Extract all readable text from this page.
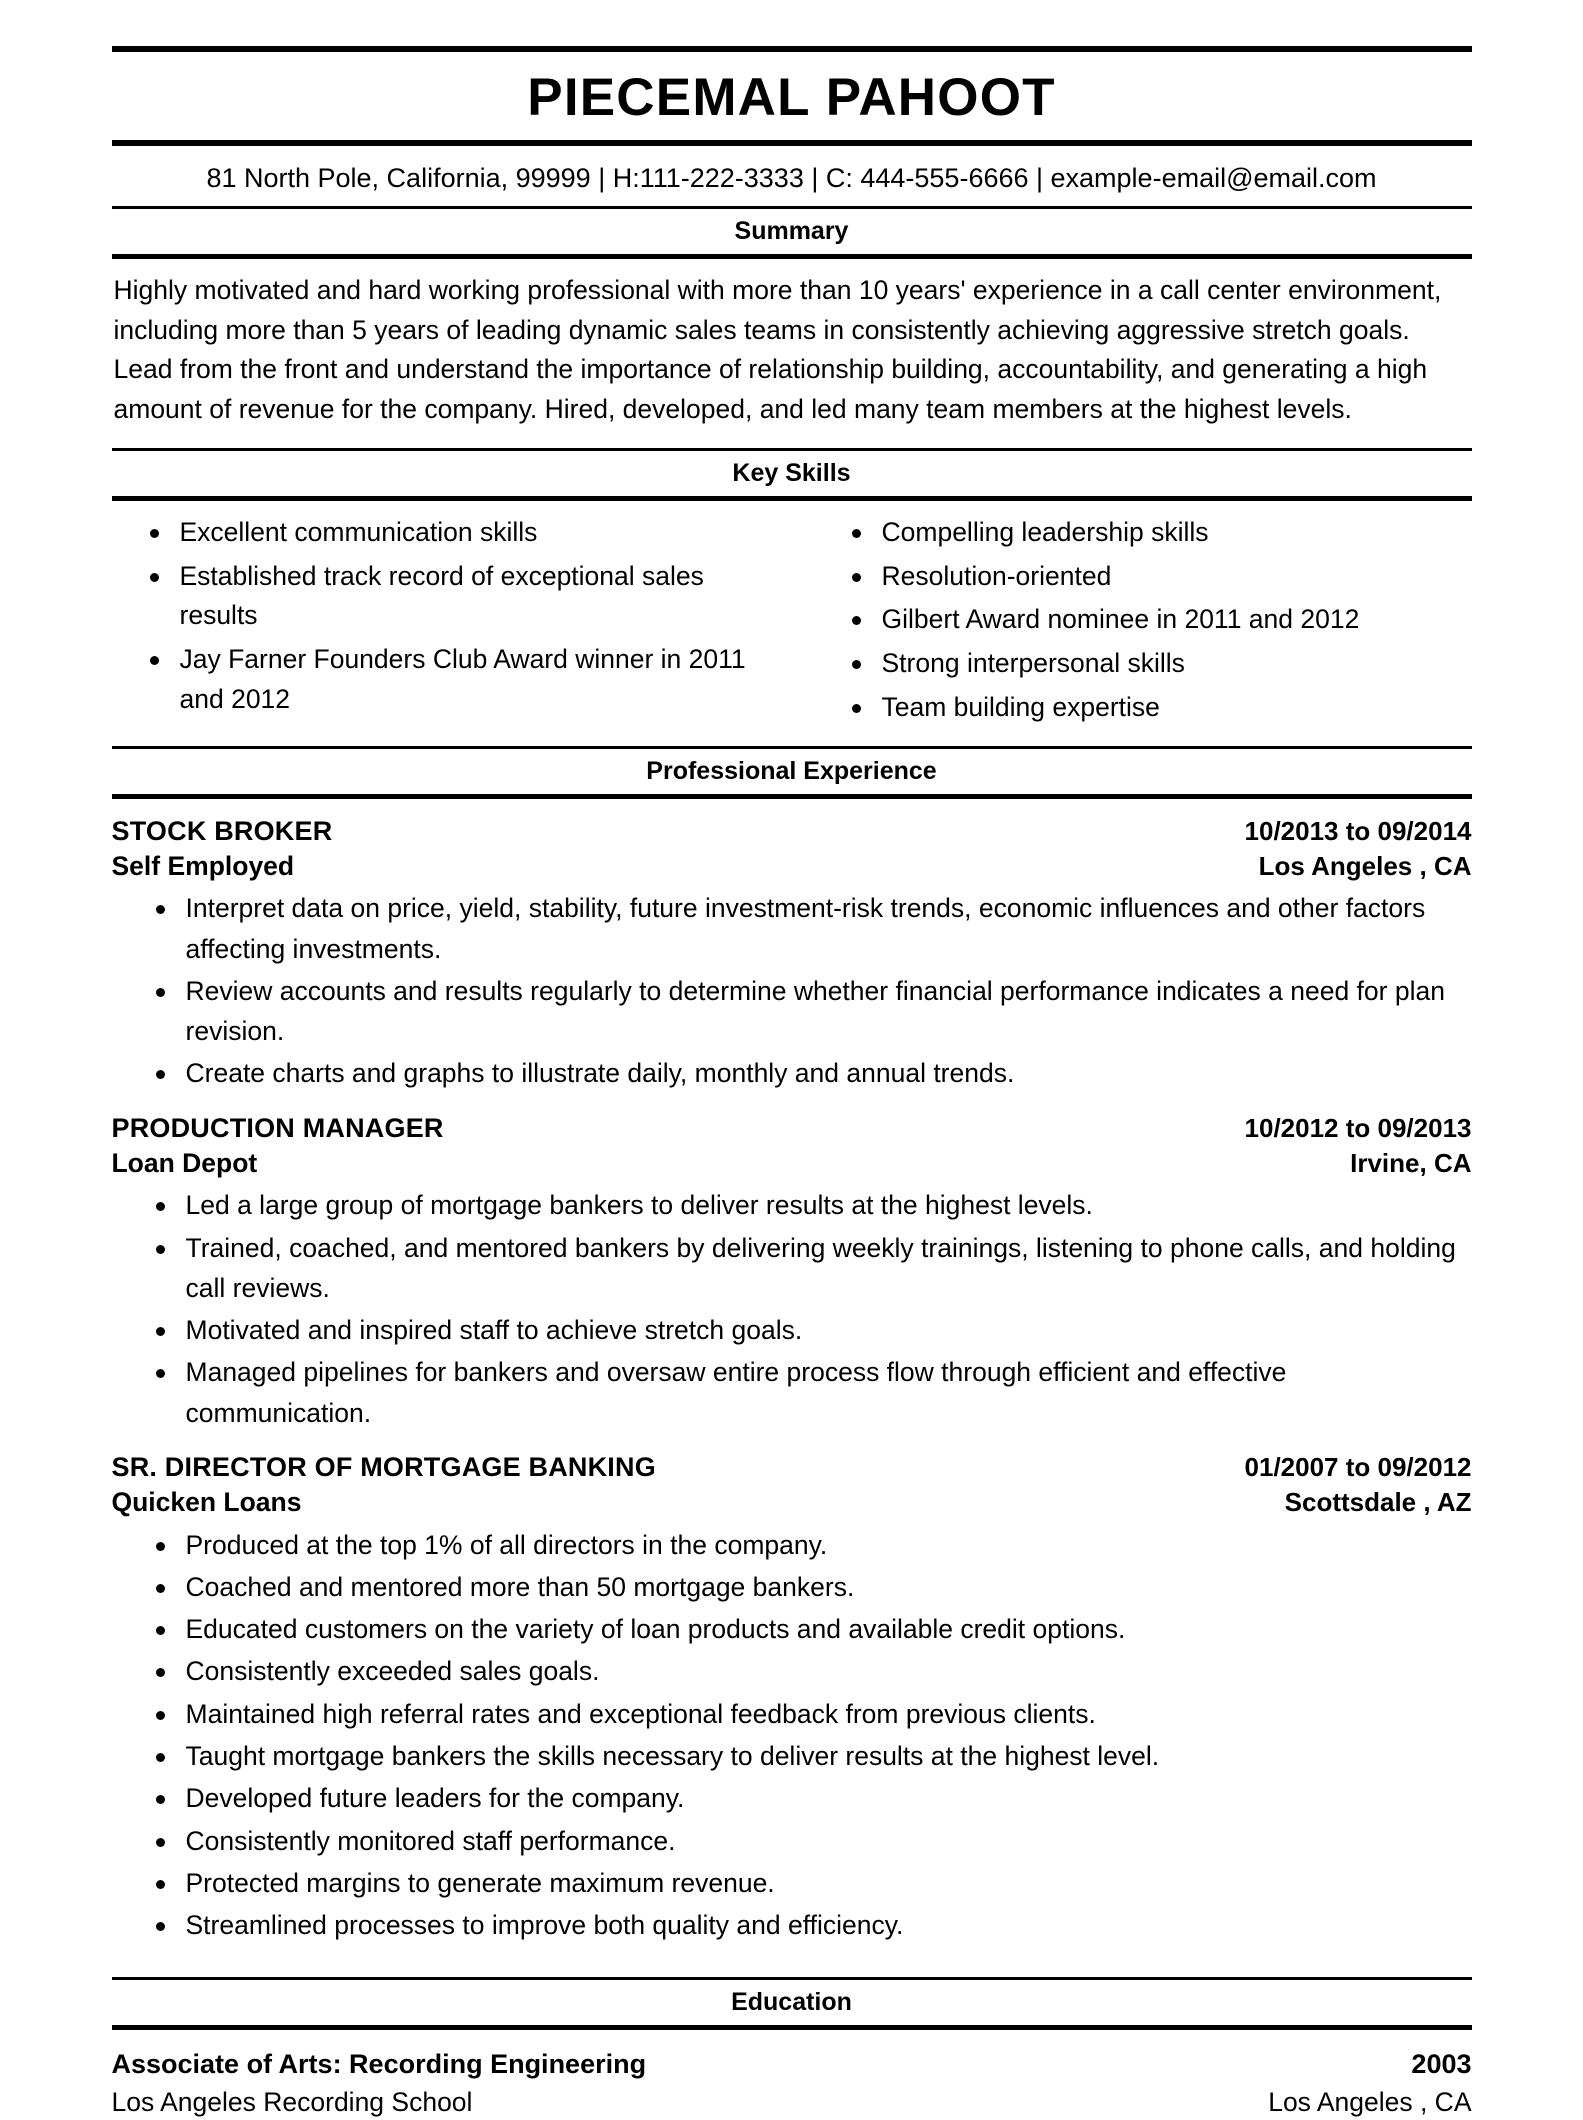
PIECEMAL PAHOOT
81 North Pole, California, 99999 | H:111-222-3333 | C: 444-555-6666 | example-email@email.com
Summary
Highly motivated and hard working professional with more than 10 years' experience in a call center environment, including more than 5 years of leading dynamic sales teams in consistently achieving aggressive stretch goals. Lead from the front and understand the importance of relationship building, accountability, and generating a high amount of revenue for the company. Hired, developed, and led many team members at the highest levels.
Key Skills
Excellent communication skills
Established track record of exceptional sales results
Jay Farner Founders Club Award winner in 2011 and 2012
Compelling leadership skills
Resolution-oriented
Gilbert Award nominee in 2011 and 2012
Strong interpersonal skills
Team building expertise
Professional Experience
STOCK BROKER	10/2013 to 09/2014
Self Employed	Los Angeles , CA
Interpret data on price, yield, stability, future investment-risk trends, economic influences and other factors affecting investments.
Review accounts and results regularly to determine whether financial performance indicates a need for plan revision.
Create charts and graphs to illustrate daily, monthly and annual trends.
PRODUCTION MANAGER	10/2012 to 09/2013
Loan Depot	Irvine, CA
Led a large group of mortgage bankers to deliver results at the highest levels.
Trained, coached, and mentored bankers by delivering weekly trainings, listening to phone calls, and holding call reviews.
Motivated and inspired staff to achieve stretch goals.
Managed pipelines for bankers and oversaw entire process flow through efficient and effective communication.
SR. DIRECTOR OF MORTGAGE BANKING	01/2007 to 09/2012
Quicken Loans	Scottsdale , AZ
Produced at the top 1% of all directors in the company.
Coached and mentored more than 50 mortgage bankers.
Educated customers on the variety of loan products and available credit options.
Consistently exceeded sales goals.
Maintained high referral rates and exceptional feedback from previous clients.
Taught mortgage bankers the skills necessary to deliver results at the highest level.
Developed future leaders for the company.
Consistently monitored staff performance.
Protected margins to generate maximum revenue.
Streamlined processes to improve both quality and efficiency.
Education
Associate of Arts: Recording Engineering	2003
Los Angeles Recording School	Los Angeles , CA
